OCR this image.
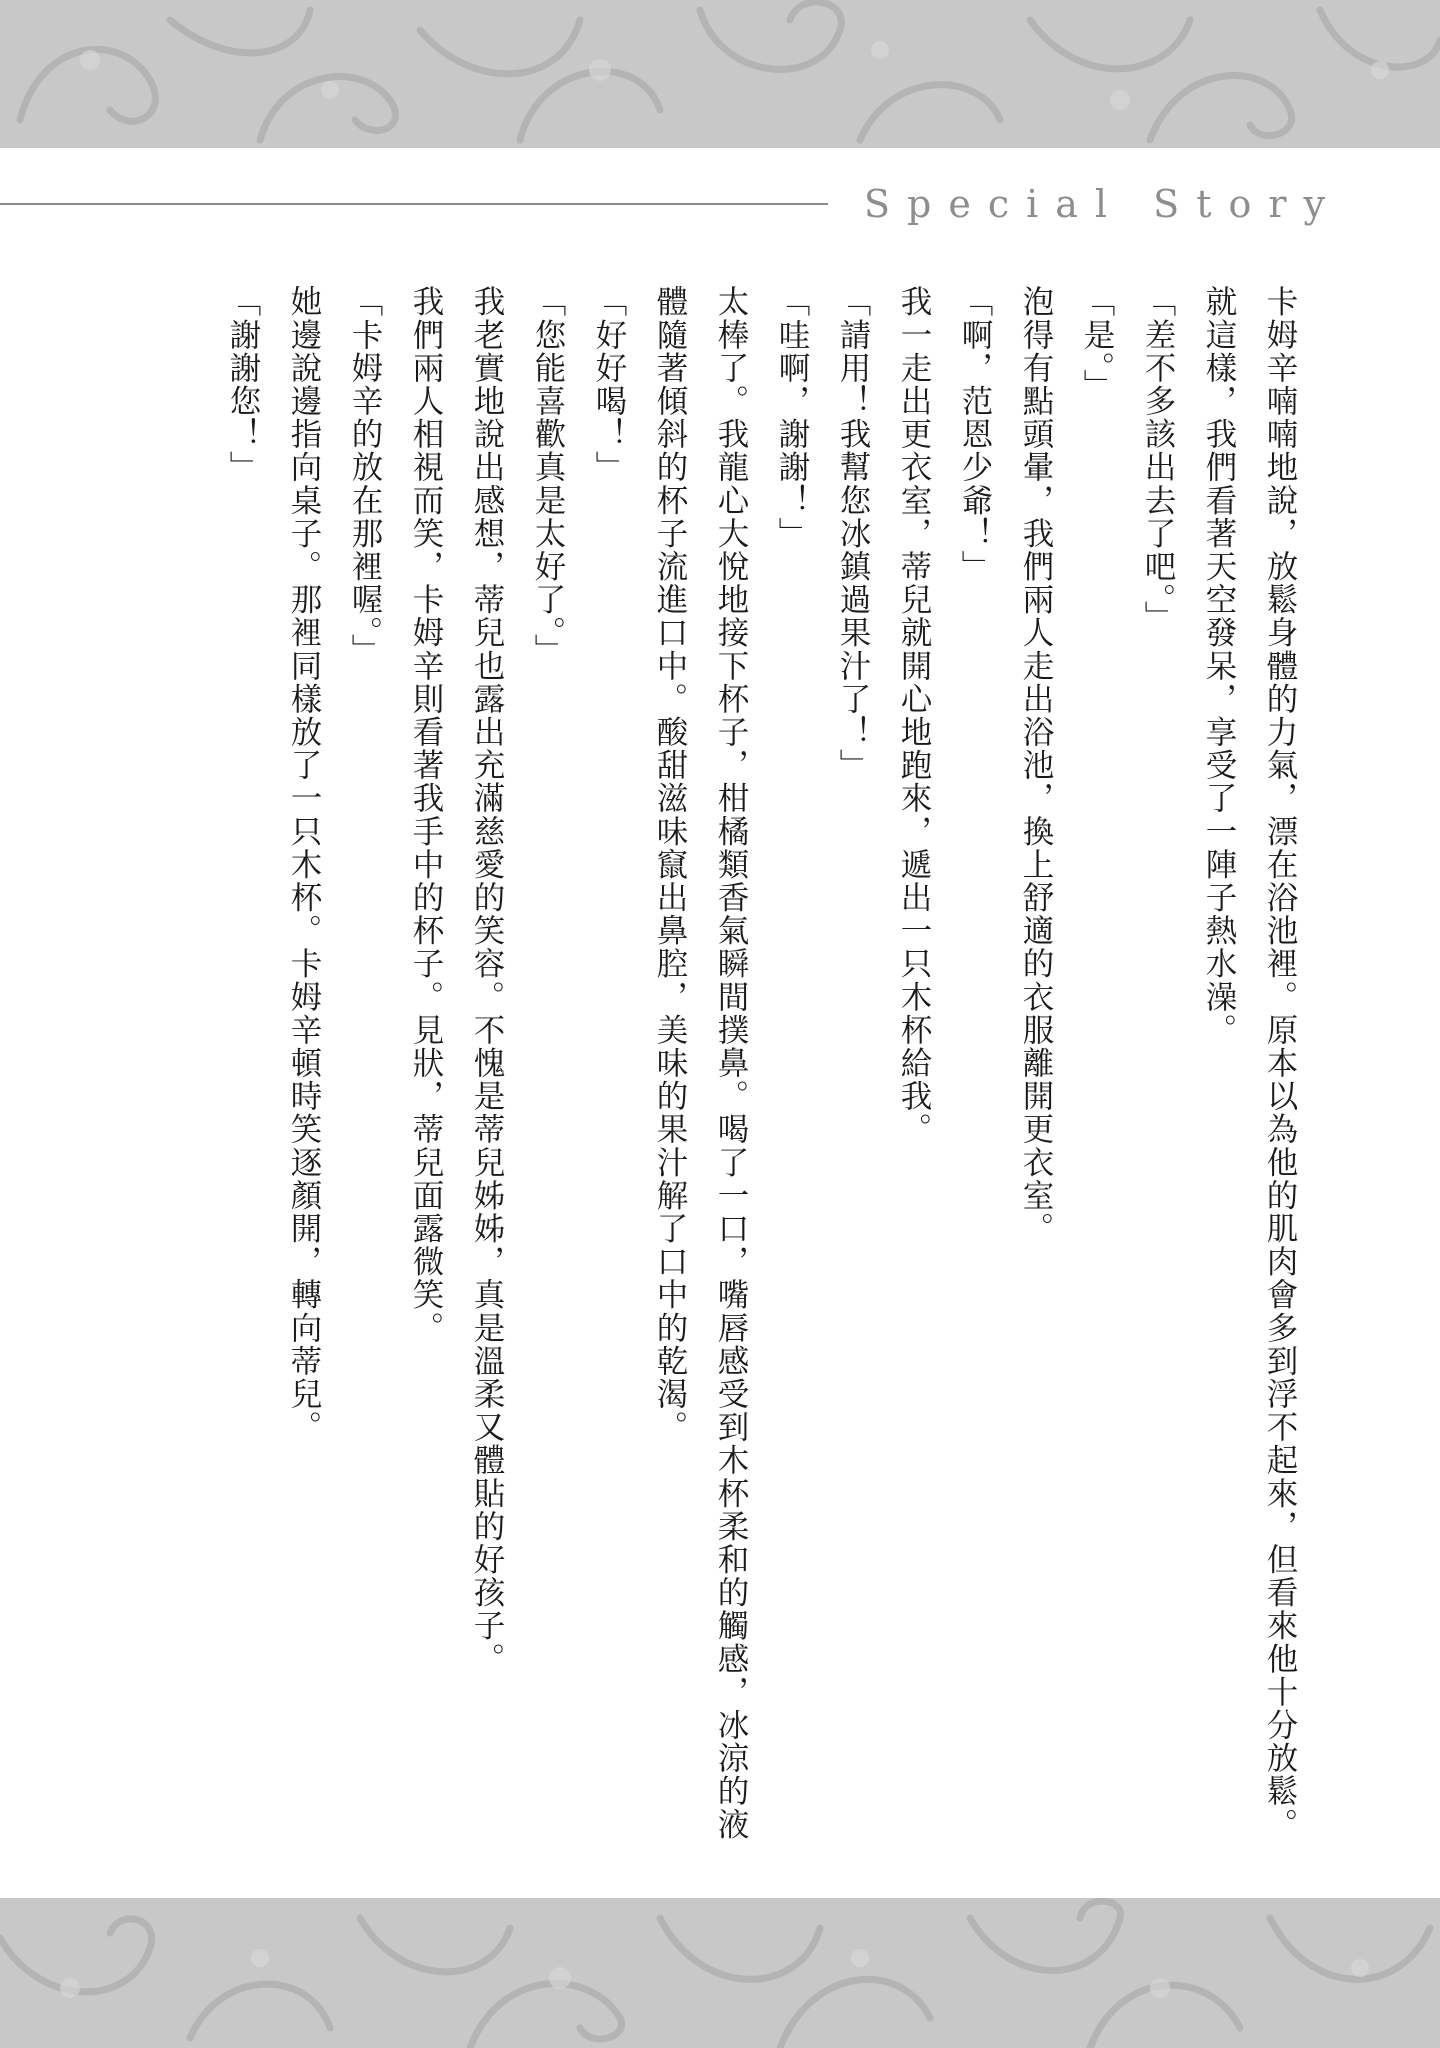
Special Story

卡姆辛喃喃地說，放鬆身體的力氣，漂在浴池裡。原本以為他的肌肉會多到浮不起來，但看來他十分放鬆。

就這樣，我們看著天空發呆，享受了一陣子熱水澡。

「差不多該出去了吧。」

「是。」

泡得有點頭暈，我們兩人走出浴池，換上舒適的衣服離開更衣室。

「啊，范恩少爺！」

我一走出更衣室，蒂兒就開心地跑來，遞出一只木杯給我。

「請用！我幫您冰鎮過果汁了！」

「哇啊，謝謝！」

太棒了。我龍心大悅地接下杯子，柑橘類香氣瞬間撲鼻。喝了一口，嘴唇感受到木杯柔和的觸感，冰涼的液體隨著傾斜的杯子流進口中。酸甜滋味竄出鼻腔，美味的果汁解了口中的乾渴。

「好好喝！」

「您能喜歡真是太好了。」

我老實地說出感想，蒂兒也露出充滿慈愛的笑容。不愧是蒂兒姊姊，真是溫柔又體貼的好孩子。

我們兩人相視而笑，卡姆辛則看著我手中的杯子。見狀，蒂兒面露微笑。

「卡姆辛的放在那裡喔。」

她邊說邊指向桌子。那裡同樣放了一只木杯。卡姆辛頓時笑逐顏開，轉向蒂兒。

「謝謝您！」
